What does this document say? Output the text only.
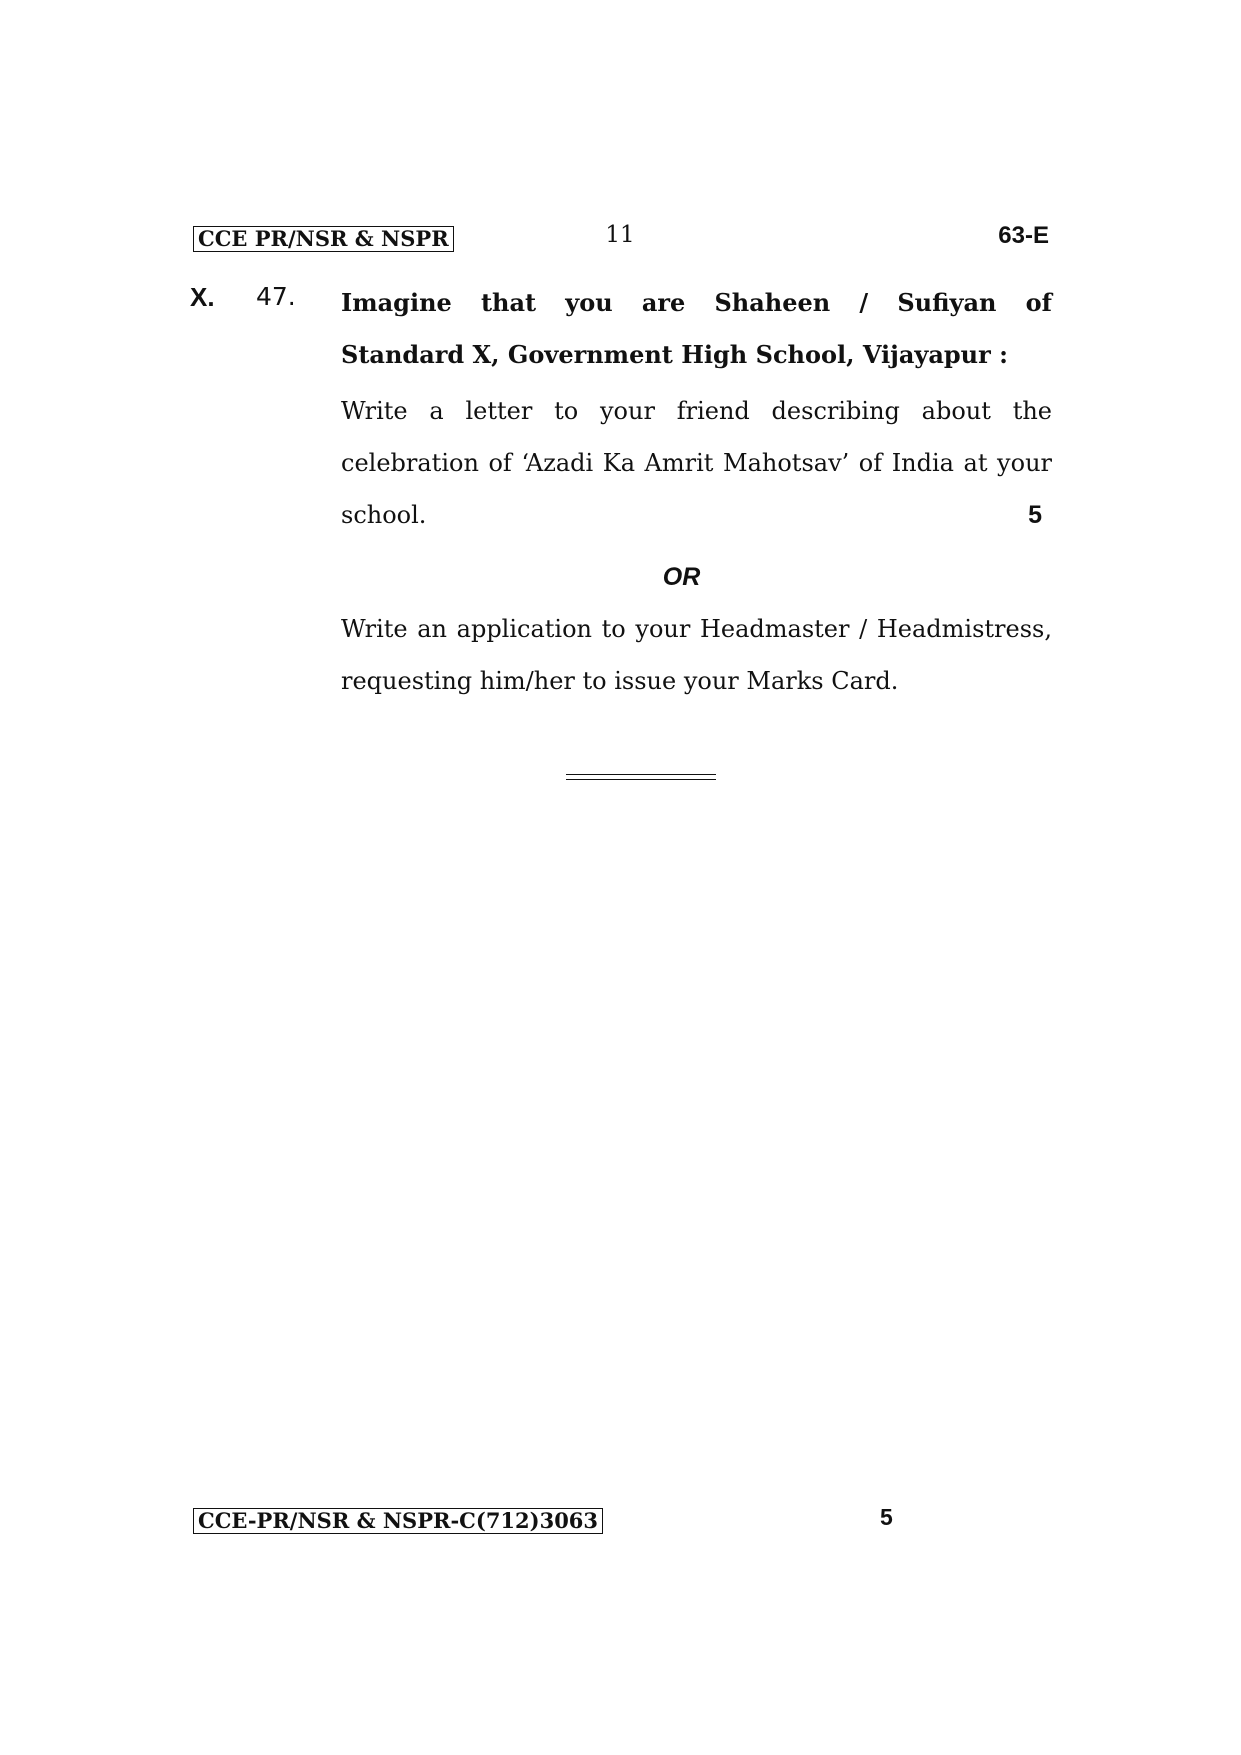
CCE PR/NSR & NSPR	11	63-E
X. 47. Imagine that you are Shaheen / Sufiyan of
Standard X, Government High School, Vijayapur :

Write a letter to your friend describing about the

celebration of ‘Azadi Ka Amrit Mahotsav’ of India at your

school.	5

OR

Write an application to your Headmaster / Headmistress,

requesting him/her to issue your Marks Card.

CCE-PR/NSR & NSPR-C(712)3063	5
